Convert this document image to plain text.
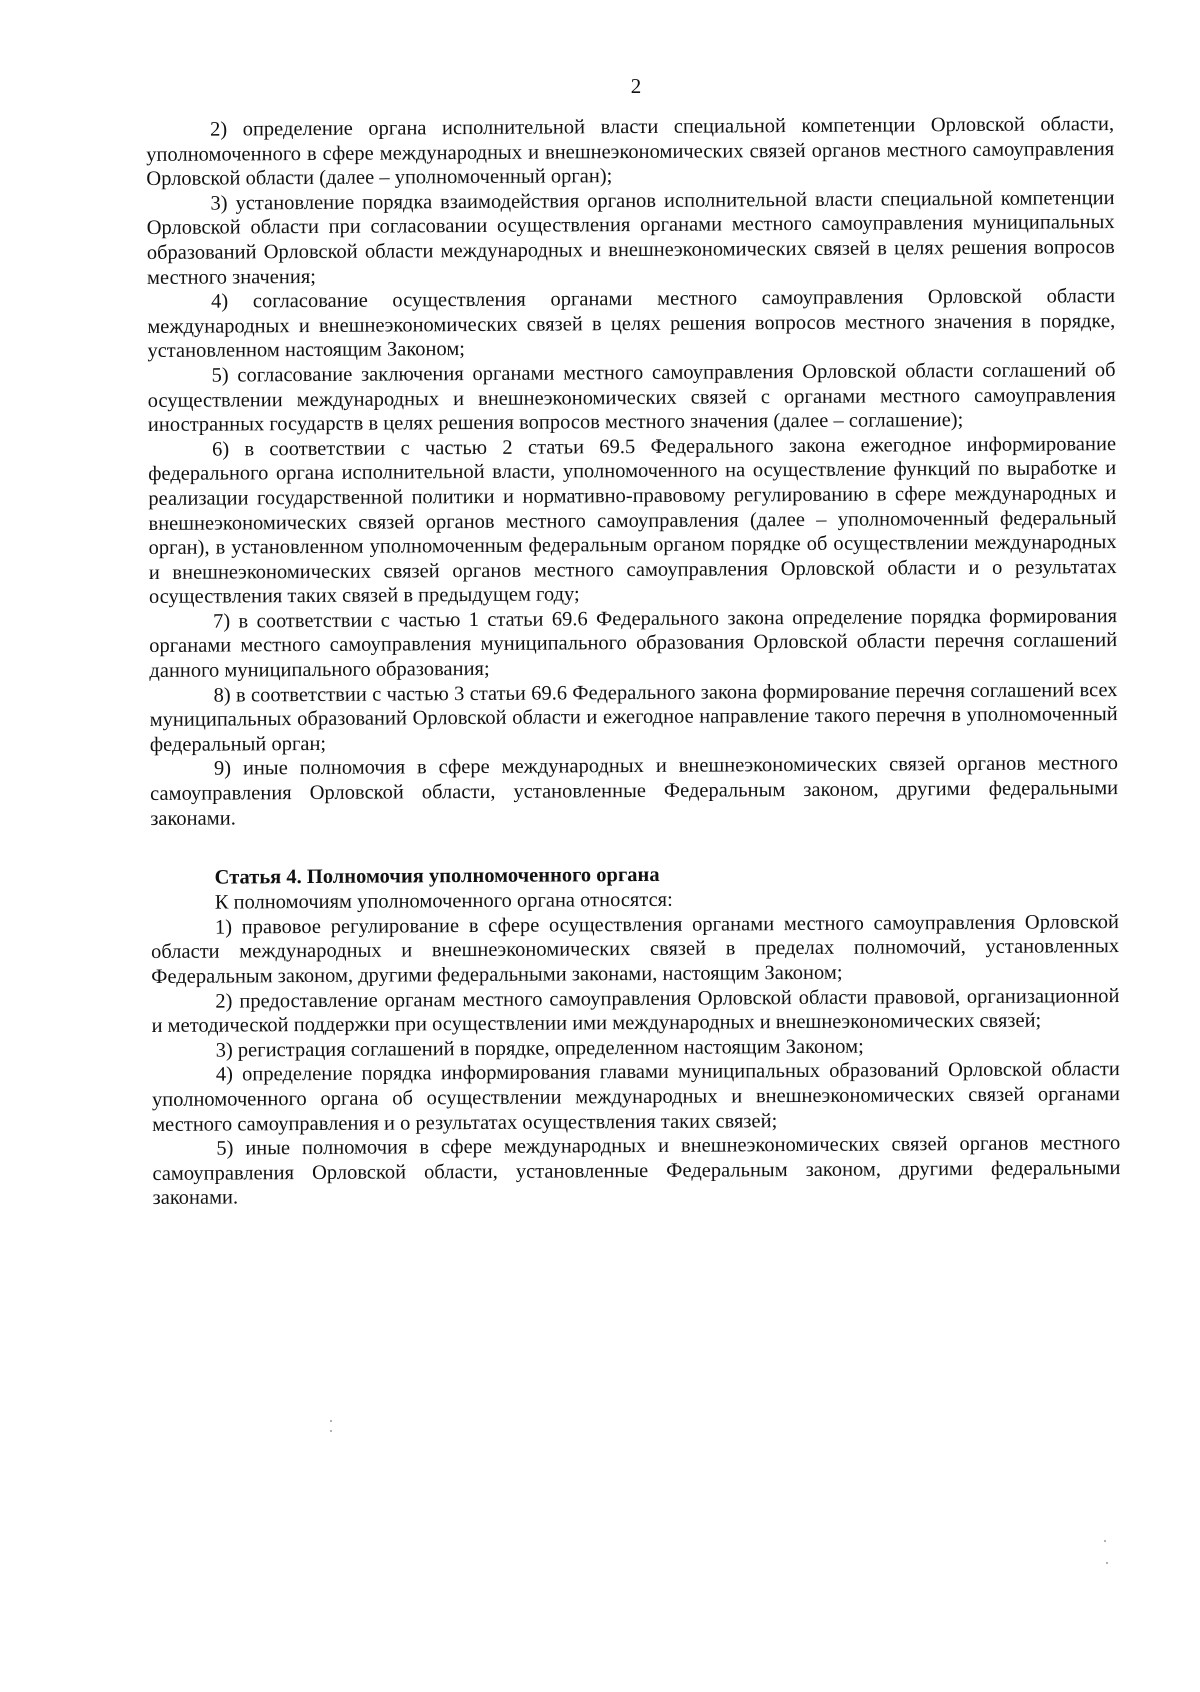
2

2) определение органа исполнительной власти специальной компетенции Орловской области, уполномоченного в сфере международных и внешнеэкономических связей органов местного самоуправления Орловской области (далее – уполномоченный орган);

3) установление порядка взаимодействия органов исполнительной власти специальной компетенции Орловской области при согласовании осуществления органами местного самоуправления муниципальных образований Орловской области международных и внешнеэкономических связей в целях решения вопросов местного значения;

4) согласование осуществления органами местного самоуправления Орловской области международных и внешнеэкономических связей в целях решения вопросов местного значения в порядке, установленном настоящим Законом;

5) согласование заключения органами местного самоуправления Орловской области соглашений об осуществлении международных и внешнеэкономических связей с органами местного самоуправления иностранных государств в целях решения вопросов местного значения (далее – соглашение);

6) в соответствии с частью 2 статьи 69.5 Федерального закона ежегодное информирование федерального органа исполнительной власти, уполномоченного на осуществление функций по выработке и реализации государственной политики и нормативно-правовому регулированию в сфере международных и внешнеэкономических связей органов местного самоуправления (далее – уполномоченный федеральный орган), в установленном уполномоченным федеральным органом порядке об осуществлении международных и внешнеэкономических связей органов местного самоуправления Орловской области и о результатах осуществления таких связей в предыдущем году;

7) в соответствии с частью 1 статьи 69.6 Федерального закона определение порядка формирования органами местного самоуправления муниципального образования Орловской области перечня соглашений данного муниципального образования;

8) в соответствии с частью 3 статьи 69.6 Федерального закона формирование перечня соглашений всех муниципальных образований Орловской области и ежегодное направление такого перечня в уполномоченный федеральный орган;

9) иные полномочия в сфере международных и внешнеэкономических связей органов местного самоуправления Орловской области, установленные Федеральным законом, другими федеральными законами.

Статья 4. Полномочия уполномоченного органа

К полномочиям уполномоченного органа относятся:

1) правовое регулирование в сфере осуществления органами местного самоуправления Орловской области международных и внешнеэкономических связей в пределах полномочий, установленных Федеральным законом, другими федеральными законами, настоящим Законом;

2) предоставление органам местного самоуправления Орловской области правовой, организационной и методической поддержки при осуществлении ими международных и внешнеэкономических связей;

3) регистрация соглашений в порядке, определенном настоящим Законом;

4) определение порядка информирования главами муниципальных образований Орловской области уполномоченного органа об осуществлении международных и внешнеэкономических связей органами местного самоуправления и о результатах осуществления таких связей;

5) иные полномочия в сфере международных и внешнеэкономических связей органов местного самоуправления Орловской области, установленные Федеральным законом, другими федеральными законами.
